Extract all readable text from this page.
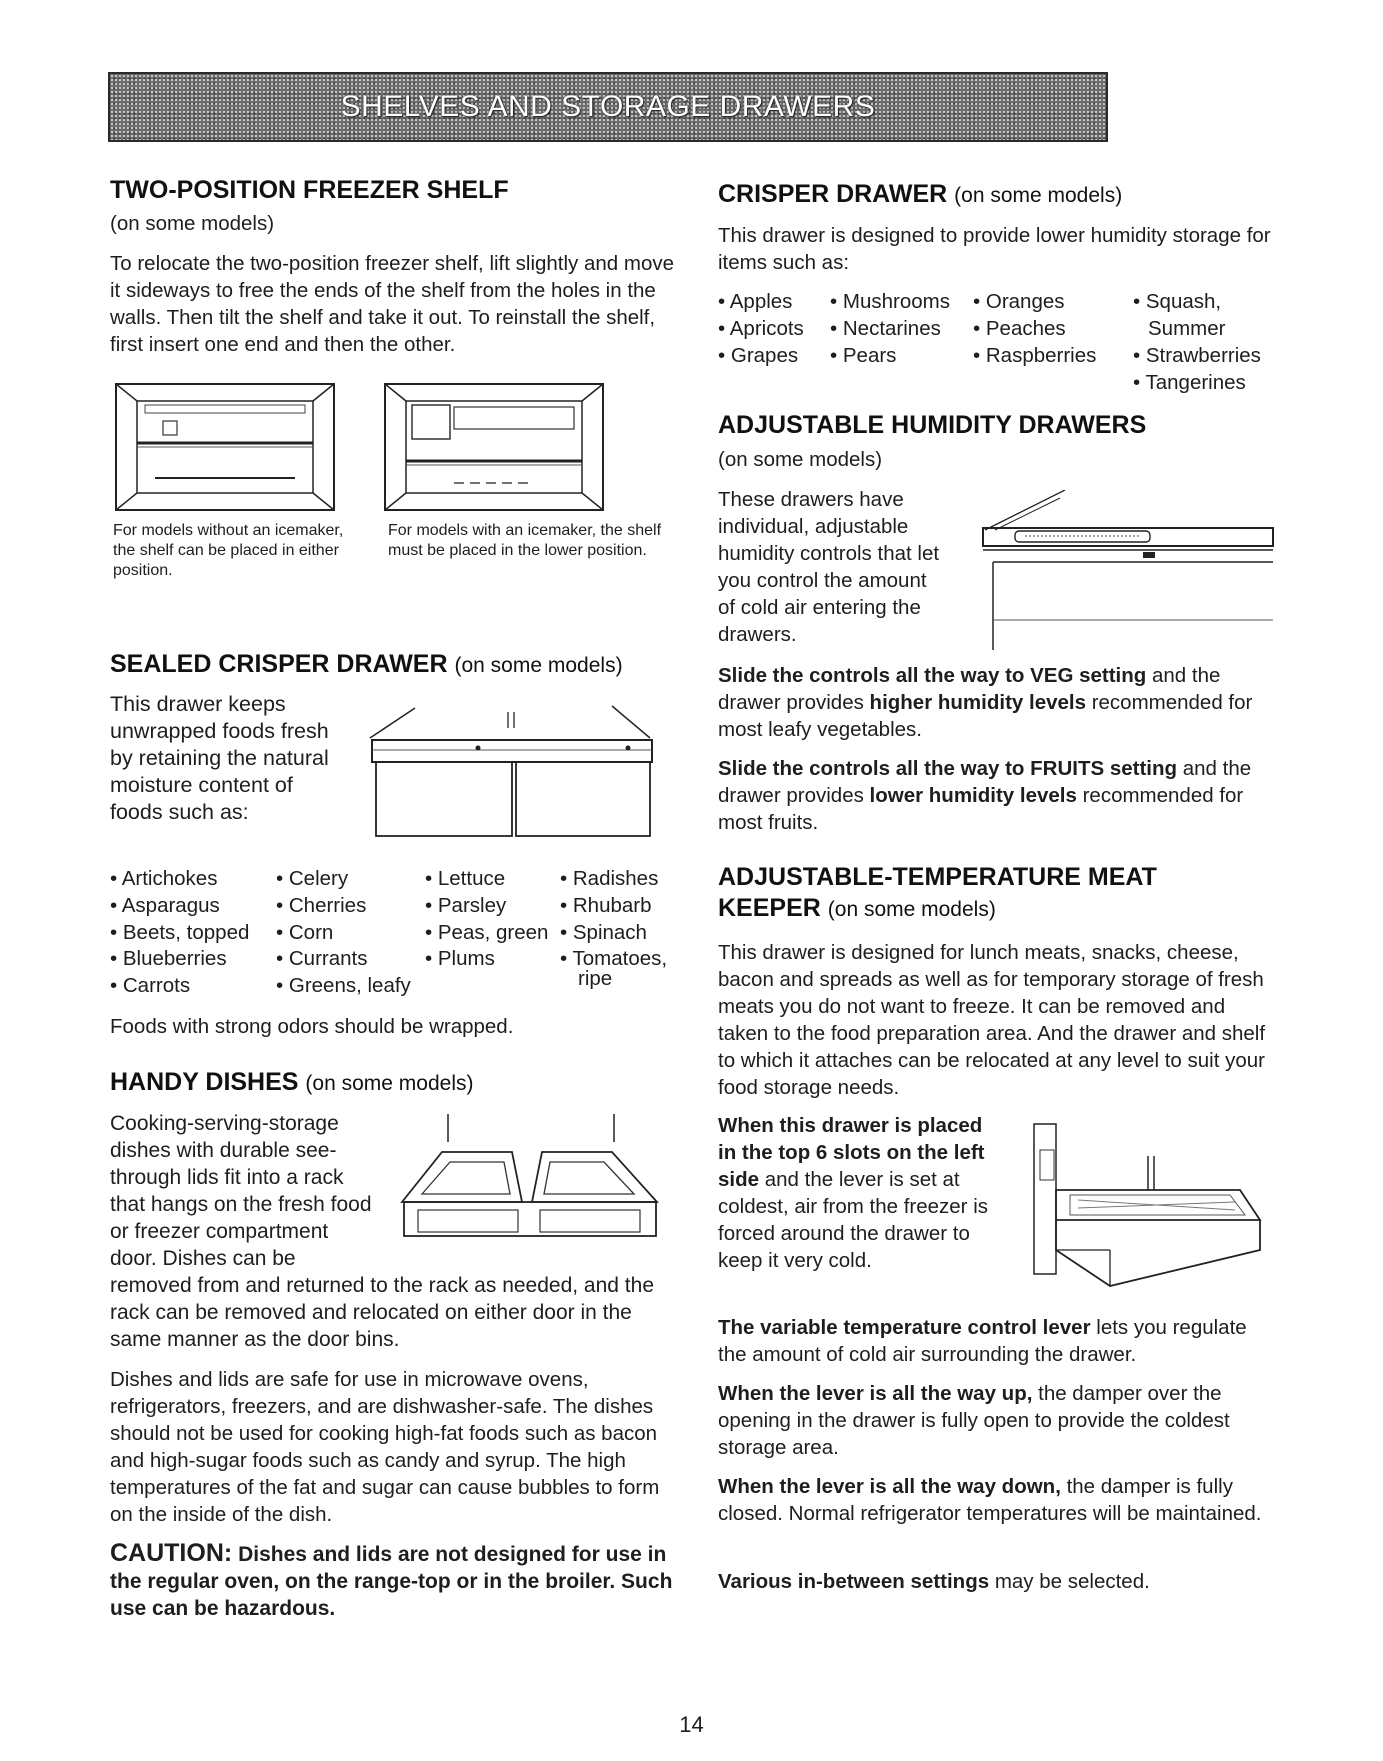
SHELVES AND STORAGE DRAWERS
TWO-POSITION FREEZER SHELF
(on some models)
To relocate the two-position freezer shelf, lift slightly and move it sideways to free the ends of the shelf from the holes in the walls. Then tilt the shelf and take it out. To reinstall the shelf, first insert one end and then the other.
For models without an icemaker, the shelf can be placed in either position.
For models with an icemaker, the shelf must be placed in the lower position.
SEALED CRISPER DRAWER (on some models)
This drawer keeps unwrapped foods fresh by retaining the natural moisture content of foods such as:
• Artichokes
• Asparagus
• Beets, topped
• Blueberries
• Carrots
• Celery
• Cherries
• Corn
• Currants
• Greens, leafy
• Lettuce
• Parsley
• Peas, green
• Plums
• Radishes
• Rhubarb
• Spinach
• Tomatoes,
ripe
Foods with strong odors should be wrapped.
HANDY DISHES (on some models)
Cooking-serving-storage dishes with durable see-through lids fit into a rack that hangs on the fresh food or freezer compartment door. Dishes can be removed from and returned to the rack as needed, and the rack can be removed and relocated on either door in the same manner as the door bins.
Dishes and lids are safe for use in microwave ovens, refrigerators, freezers, and are dishwasher-safe. The dishes should not be used for cooking high-fat foods such as bacon and high-sugar foods such as candy and syrup. The high temperatures of the fat and sugar can cause bubbles to form on the inside of the dish.
CAUTION: Dishes and lids are not designed for use in the regular oven, on the range-top or in the broiler. Such use can be hazardous.
CRISPER DRAWER (on some models)
This drawer is designed to provide lower humidity storage for items such as:
• Apples
• Apricots
• Grapes
• Mushrooms
• Nectarines
• Pears
• Oranges
• Peaches
• Raspberries
• Squash,
Summer
• Strawberries
• Tangerines
ADJUSTABLE HUMIDITY DRAWERS
(on some models)
These drawers have individual, adjustable humidity controls that let you control the amount of cold air entering the drawers.
Slide the controls all the way to VEG setting and the drawer provides higher humidity levels recommended for most leafy vegetables.
Slide the controls all the way to FRUITS setting and the drawer provides lower humidity levels recommended for most fruits.
ADJUSTABLE-TEMPERATURE MEAT
KEEPER (on some models)
This drawer is designed for lunch meats, snacks, cheese, bacon and spreads as well as for temporary storage of fresh meats you do not want to freeze. It can be removed and taken to the food preparation area. And the drawer and shelf to which it attaches can be relocated at any level to suit your food storage needs.
When this drawer is placed in the top 6 slots on the left side and the lever is set at coldest, air from the freezer is forced around the drawer to keep it very cold.
The variable temperature control lever lets you regulate the amount of cold air surrounding the drawer.
When the lever is all the way up, the damper over the opening in the drawer is fully open to provide the coldest storage area.
When the lever is all the way down, the damper is fully closed. Normal refrigerator temperatures will be maintained.
Various in-between settings may be selected.
14
